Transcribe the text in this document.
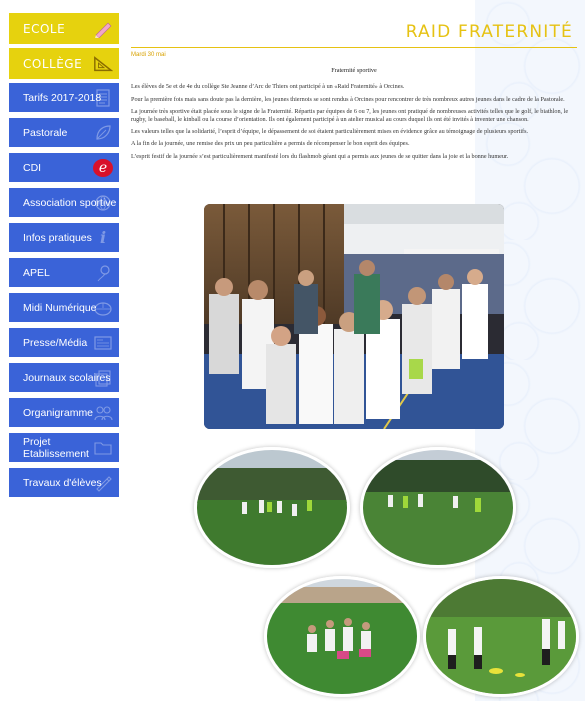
ECOLE
COLLÈGE
Tarifs 2017-2018
Pastorale
CDI	e
Association sportive
Infos pratiques i
APEL
Midi Numérique
Presse/Média
Journaux scolaires
Organigramme
Projet Etablissement
Travaux d'élèves
RAID FRATERNITÉ
Mardi 30 mai
Fraternité sportive

Les élèves de 5e et de 4e du collège Ste Jeanne d’Arc de Thiers ont participé à un «Raid Fraternité» à Orcines.

Pour la première fois mais sans doute pas la dernière, les jeunes thiernois se sont rendus à Orcines pour rencontrer de très nombreux autres jeunes dans le cadre de la Pastorale.

La journée très sportive était placée sous le signe de la Fraternité. Répartis par équipes de 6 ou 7, les jeunes ont pratiqué de nombreuses activités telles que le golf, le biathlon, le rugby, le baseball, le kinball ou la course d’orientation. Ils ont également participé à un atelier musical au cours duquel ils ont été invités à inventer une chanson.

Les valeurs telles que la solidarité, l’esprit d’équipe, le dépassement de soi étaient particulièrement mises en évidence grâce au témoignage de plusieurs sportifs.

A la fin de la journée, une remise des prix un peu particulière a permis de récompenser le bon esprit des équipes.

L’esprit festif de la journée s’est particulièrement manifesté lors du flashmob géant qui a permis aux jeunes de se quitter dans la joie et la bonne humeur.
